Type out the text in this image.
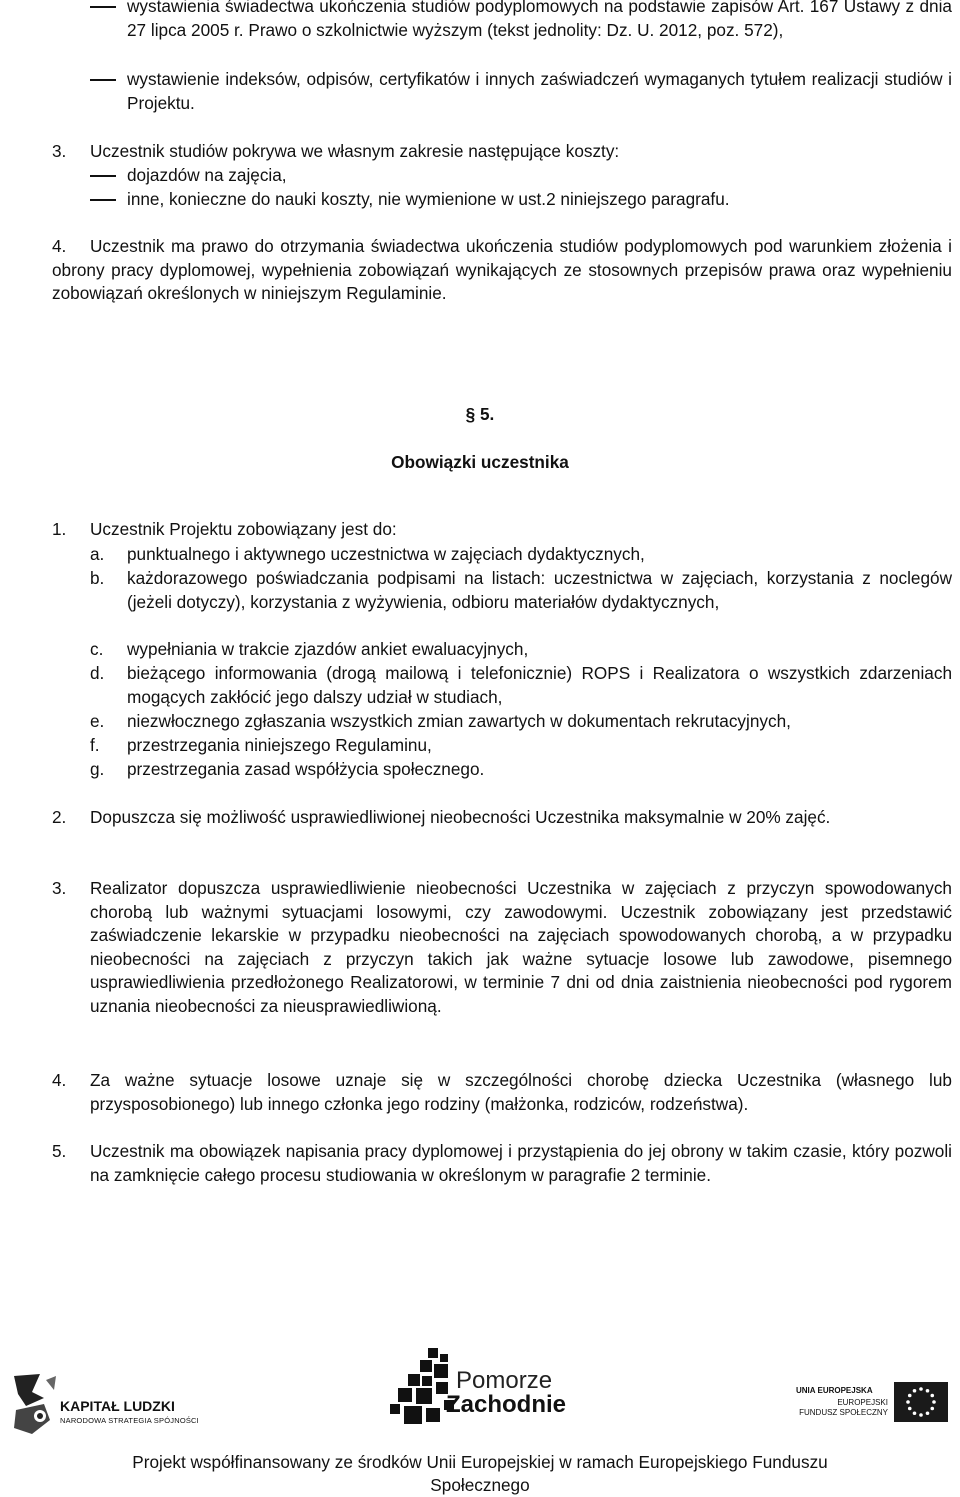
wystawienia świadectwa ukończenia studiów podyplomowych na podstawie zapisów Art. 167 Ustawy z dnia 27 lipca 2005 r. Prawo o szkolnictwie wyższym (tekst jednolity: Dz. U. 2012, poz. 572),
wystawienie indeksów, odpisów, certyfikatów i innych zaświadczeń wymaganych tytułem realizacji studiów i Projektu.
3. Uczestnik studiów pokrywa we własnym zakresie następujące koszty:
dojazdów na zajęcia,
inne, konieczne do nauki koszty, nie wymienione w ust.2 niniejszego paragrafu.
4.	Uczestnik ma prawo do otrzymania świadectwa ukończenia studiów podyplomowych pod warunkiem złożenia i obrony pracy dyplomowej, wypełnienia zobowiązań wynikających ze stosownych przepisów prawa oraz wypełnieniu zobowiązań określonych w niniejszym Regulaminie.
§ 5.
Obowiązki uczestnika
1. Uczestnik Projektu zobowiązany jest do:
a. punktualnego i aktywnego uczestnictwa w zajęciach dydaktycznych,
b. każdorazowego poświadczania podpisami na listach: uczestnictwa w zajęciach, korzystania z noclegów (jeżeli dotyczy), korzystania z wyżywienia, odbioru materiałów dydaktycznych,
c. wypełniania w trakcie zjazdów ankiet ewaluacyjnych,
d. bieżącego informowania (drogą mailową i telefonicznie) ROPS i Realizatora o wszystkich zdarzeniach mogących zakłócić jego dalszy udział w studiach,
e. niezwłocznego zgłaszania wszystkich zmian zawartych w dokumentach rekrutacyjnych,
f. przestrzegania niniejszego Regulaminu,
g. przestrzegania zasad współżycia społecznego.
2. Dopuszcza się możliwość usprawiedliwionej nieobecności Uczestnika maksymalnie w 20% zajęć.
3. Realizator dopuszcza usprawiedliwienie nieobecności Uczestnika w zajęciach z przyczyn spowodowanych chorobą lub ważnymi sytuacjami losowymi, czy zawodowymi. Uczestnik zobowiązany jest przedstawić zaświadczenie lekarskie w przypadku nieobecności na zajęciach spowodowanych chorobą, a w przypadku nieobecności na zajęciach z przyczyn takich jak ważne sytuacje losowe lub zawodowe, pisemnego usprawiedliwienia przedłożonego Realizatorowi, w terminie 7 dni od dnia zaistnienia nieobecności pod rygorem uznania nieobecności za nieusprawiedliwioną.
4. Za ważne sytuacje losowe uznaje się w szczególności chorobę dziecka Uczestnika (własnego lub przysposobionego) lub innego członka jego rodziny (małżonka, rodziców, rodzeństwa).
5. Uczestnik ma obowiązek napisania pracy dyplomowej i przystąpienia do jej obrony w takim czasie, który pozwoli na zamknięcie całego procesu studiowania w określonym w paragrafie 2 terminie.
KAPITAŁ LUDZKI
NARODOWA STRATEGIA SPÓJNOŚCI
Pomorze
Zachodnie
UNIA EUROPEJSKA
EUROPEJSKI
FUNDUSZ SPOŁECZNY
Projekt współfinansowany ze środków Unii Europejskiej w ramach Europejskiego Funduszu
Społecznego
